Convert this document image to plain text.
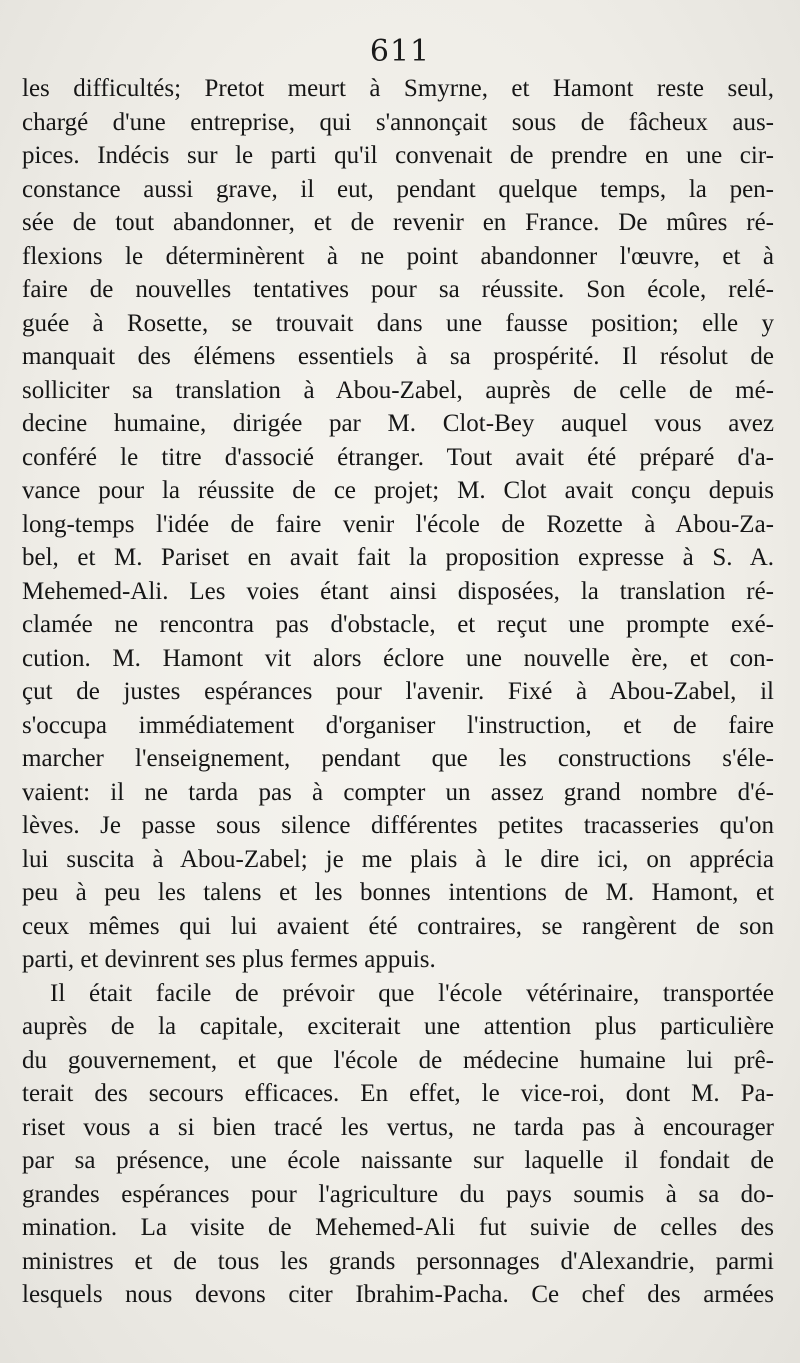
611
les difficultés; Pretot meurt à Smyrne, et Hamont reste seul,
chargé d'une entreprise, qui s'annonçait sous de fâcheux aus-
pices. Indécis sur le parti qu'il convenait de prendre en une cir-
constance aussi grave, il eut, pendant quelque temps, la pen-
sée de tout abandonner, et de revenir en France. De mûres ré-
flexions le déterminèrent à ne point abandonner l'œuvre, et à
faire de nouvelles tentatives pour sa réussite. Son école, relé-
guée à Rosette, se trouvait dans une fausse position; elle y
manquait des élémens essentiels à sa prospérité. Il résolut de
solliciter sa translation à Abou-Zabel, auprès de celle de mé-
decine humaine, dirigée par M. Clot-Bey auquel vous avez
conféré le titre d'associé étranger. Tout avait été préparé d'a-
vance pour la réussite de ce projet; M. Clot avait conçu depuis
long-temps l'idée de faire venir l'école de Rozette à Abou-Za-
bel, et M. Pariset en avait fait la proposition expresse à S. A.
Mehemed-Ali. Les voies étant ainsi disposées, la translation ré-
clamée ne rencontra pas d'obstacle, et reçut une prompte exé-
cution. M. Hamont vit alors éclore une nouvelle ère, et con-
çut de justes espérances pour l'avenir. Fixé à Abou-Zabel, il
s'occupa immédiatement d'organiser l'instruction, et de faire
marcher l'enseignement, pendant que les constructions s'éle-
vaient: il ne tarda pas à compter un assez grand nombre d'é-
lèves. Je passe sous silence différentes petites tracasseries qu'on
lui suscita à Abou-Zabel; je me plais à le dire ici, on apprécia
peu à peu les talens et les bonnes intentions de M. Hamont, et
ceux mêmes qui lui avaient été contraires, se rangèrent de son
parti, et devinrent ses plus fermes appuis.
Il était facile de prévoir que l'école vétérinaire, transportée
auprès de la capitale, exciterait une attention plus particulière
du gouvernement, et que l'école de médecine humaine lui prê-
terait des secours efficaces. En effet, le vice-roi, dont M. Pa-
riset vous a si bien tracé les vertus, ne tarda pas à encourager
par sa présence, une école naissante sur laquelle il fondait de
grandes espérances pour l'agriculture du pays soumis à sa do-
mination. La visite de Mehemed-Ali fut suivie de celles des
ministres et de tous les grands personnages d'Alexandrie, parmi
lesquels nous devons citer Ibrahim-Pacha. Ce chef des armées
